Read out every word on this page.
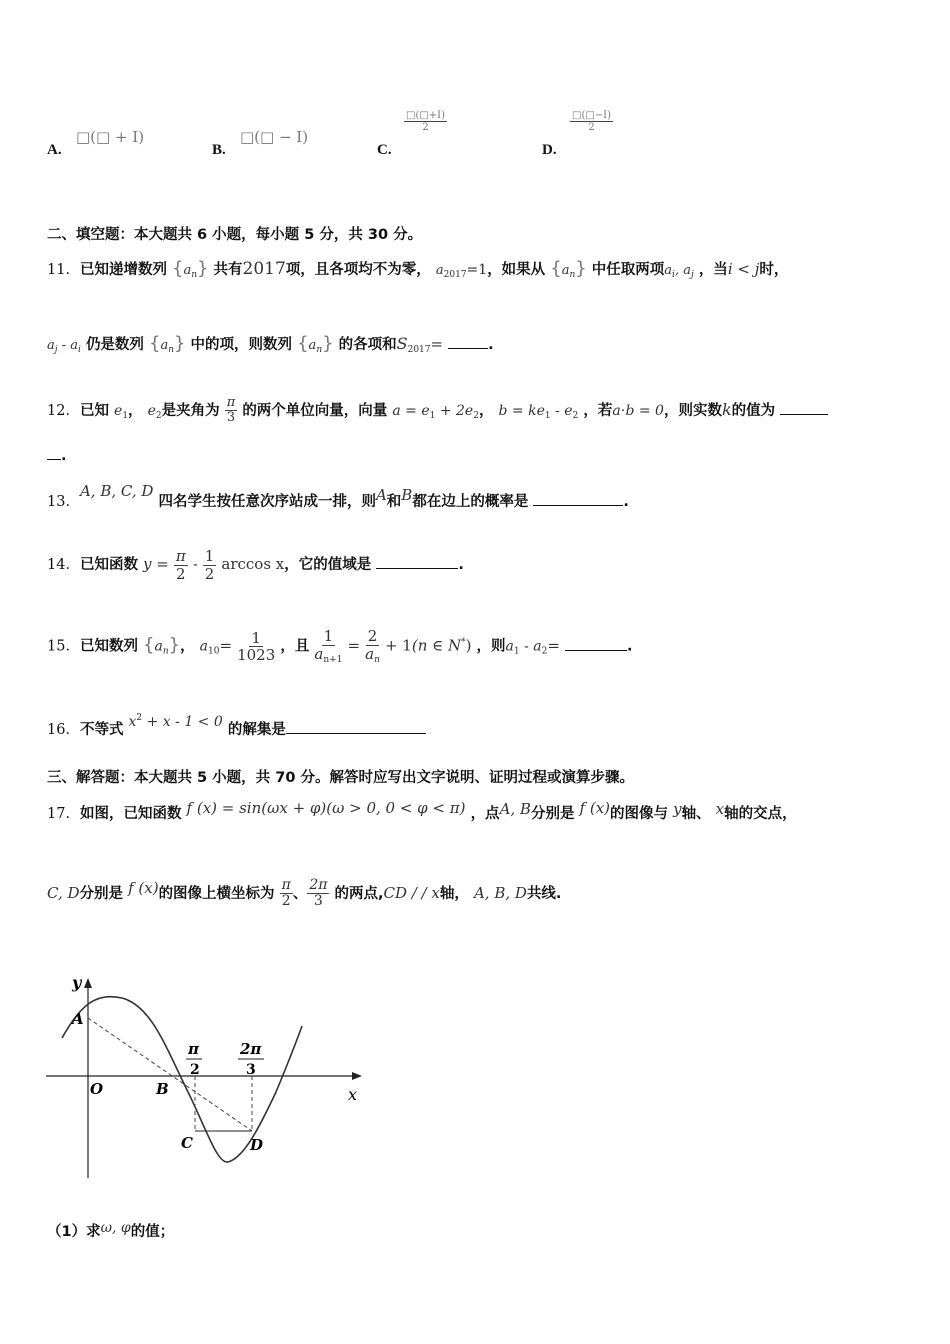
A.
□(□ + I)
B.
□(□ − I)
C.
$\frac{□(□+I)}{2}$
D.
$\frac{□(□-I)}{2}$
二、填空题：本大题共 6 小题，每小题 5 分，共 30 分。
11．已知递增数列 $\{a_n\}$ 共有2017项，且各项均不为零， $a_{2017}=1$，如果从 $\{a_n\}$ 中任取两项$a_i$, $a_j$ ，当i < j时，
$a_j - a_i$ 仍是数列 $\{a_n\}$ 中的项，则数列 $\{a_n\}$ 的各项和$S_{2017}=$	.
12．已知 $e_1$， $e_2$是夹角为 $\frac{\pi}{3}$ 的两个单位向量，向量 $a = e_1 + 2e_2$， $b = ke_1 - e_2$ ，若a⋅b = 0，则实数k的值为
.
13．A, B, C, D 四名学生按任意次序站成一排，则A和B都在边上的概率是	.
14．已知函数 $y = \frac{\pi}{2} - \frac{1}{2}$ arccos x，它的值域是	.
15．已知数列 $\{a_n\}$， $a_{10}= \frac{1}{1023}$ ，且 $\frac{1}{a_{n+1}} = \frac{2}{a_n} + 1(n$ ∈ N*) ，则$a_1 - a_2=$	.
16．不等式 $x^2 + x - 1 < 0$ 的解集是
三、解答题：本大题共 5 小题，共 70 分。解答时应写出文字说明、证明过程或演算步骤。
17．如图，已知函数 f (x) = sin(ωx + φ)(ω > 0, 0 < φ < π) ，点A, B分别是 f (x)的图像与 y轴、 x轴的交点，
C, D分别是 f (x)的图像上横坐标为 $\frac{\pi}{2}$ 、 $\frac{2\pi}{3}$ 的两点,CD / / x轴， A, B, D共线.
y
x
O
A
B
C	D
π
2
2π
3
（1）求ω, φ的值；
